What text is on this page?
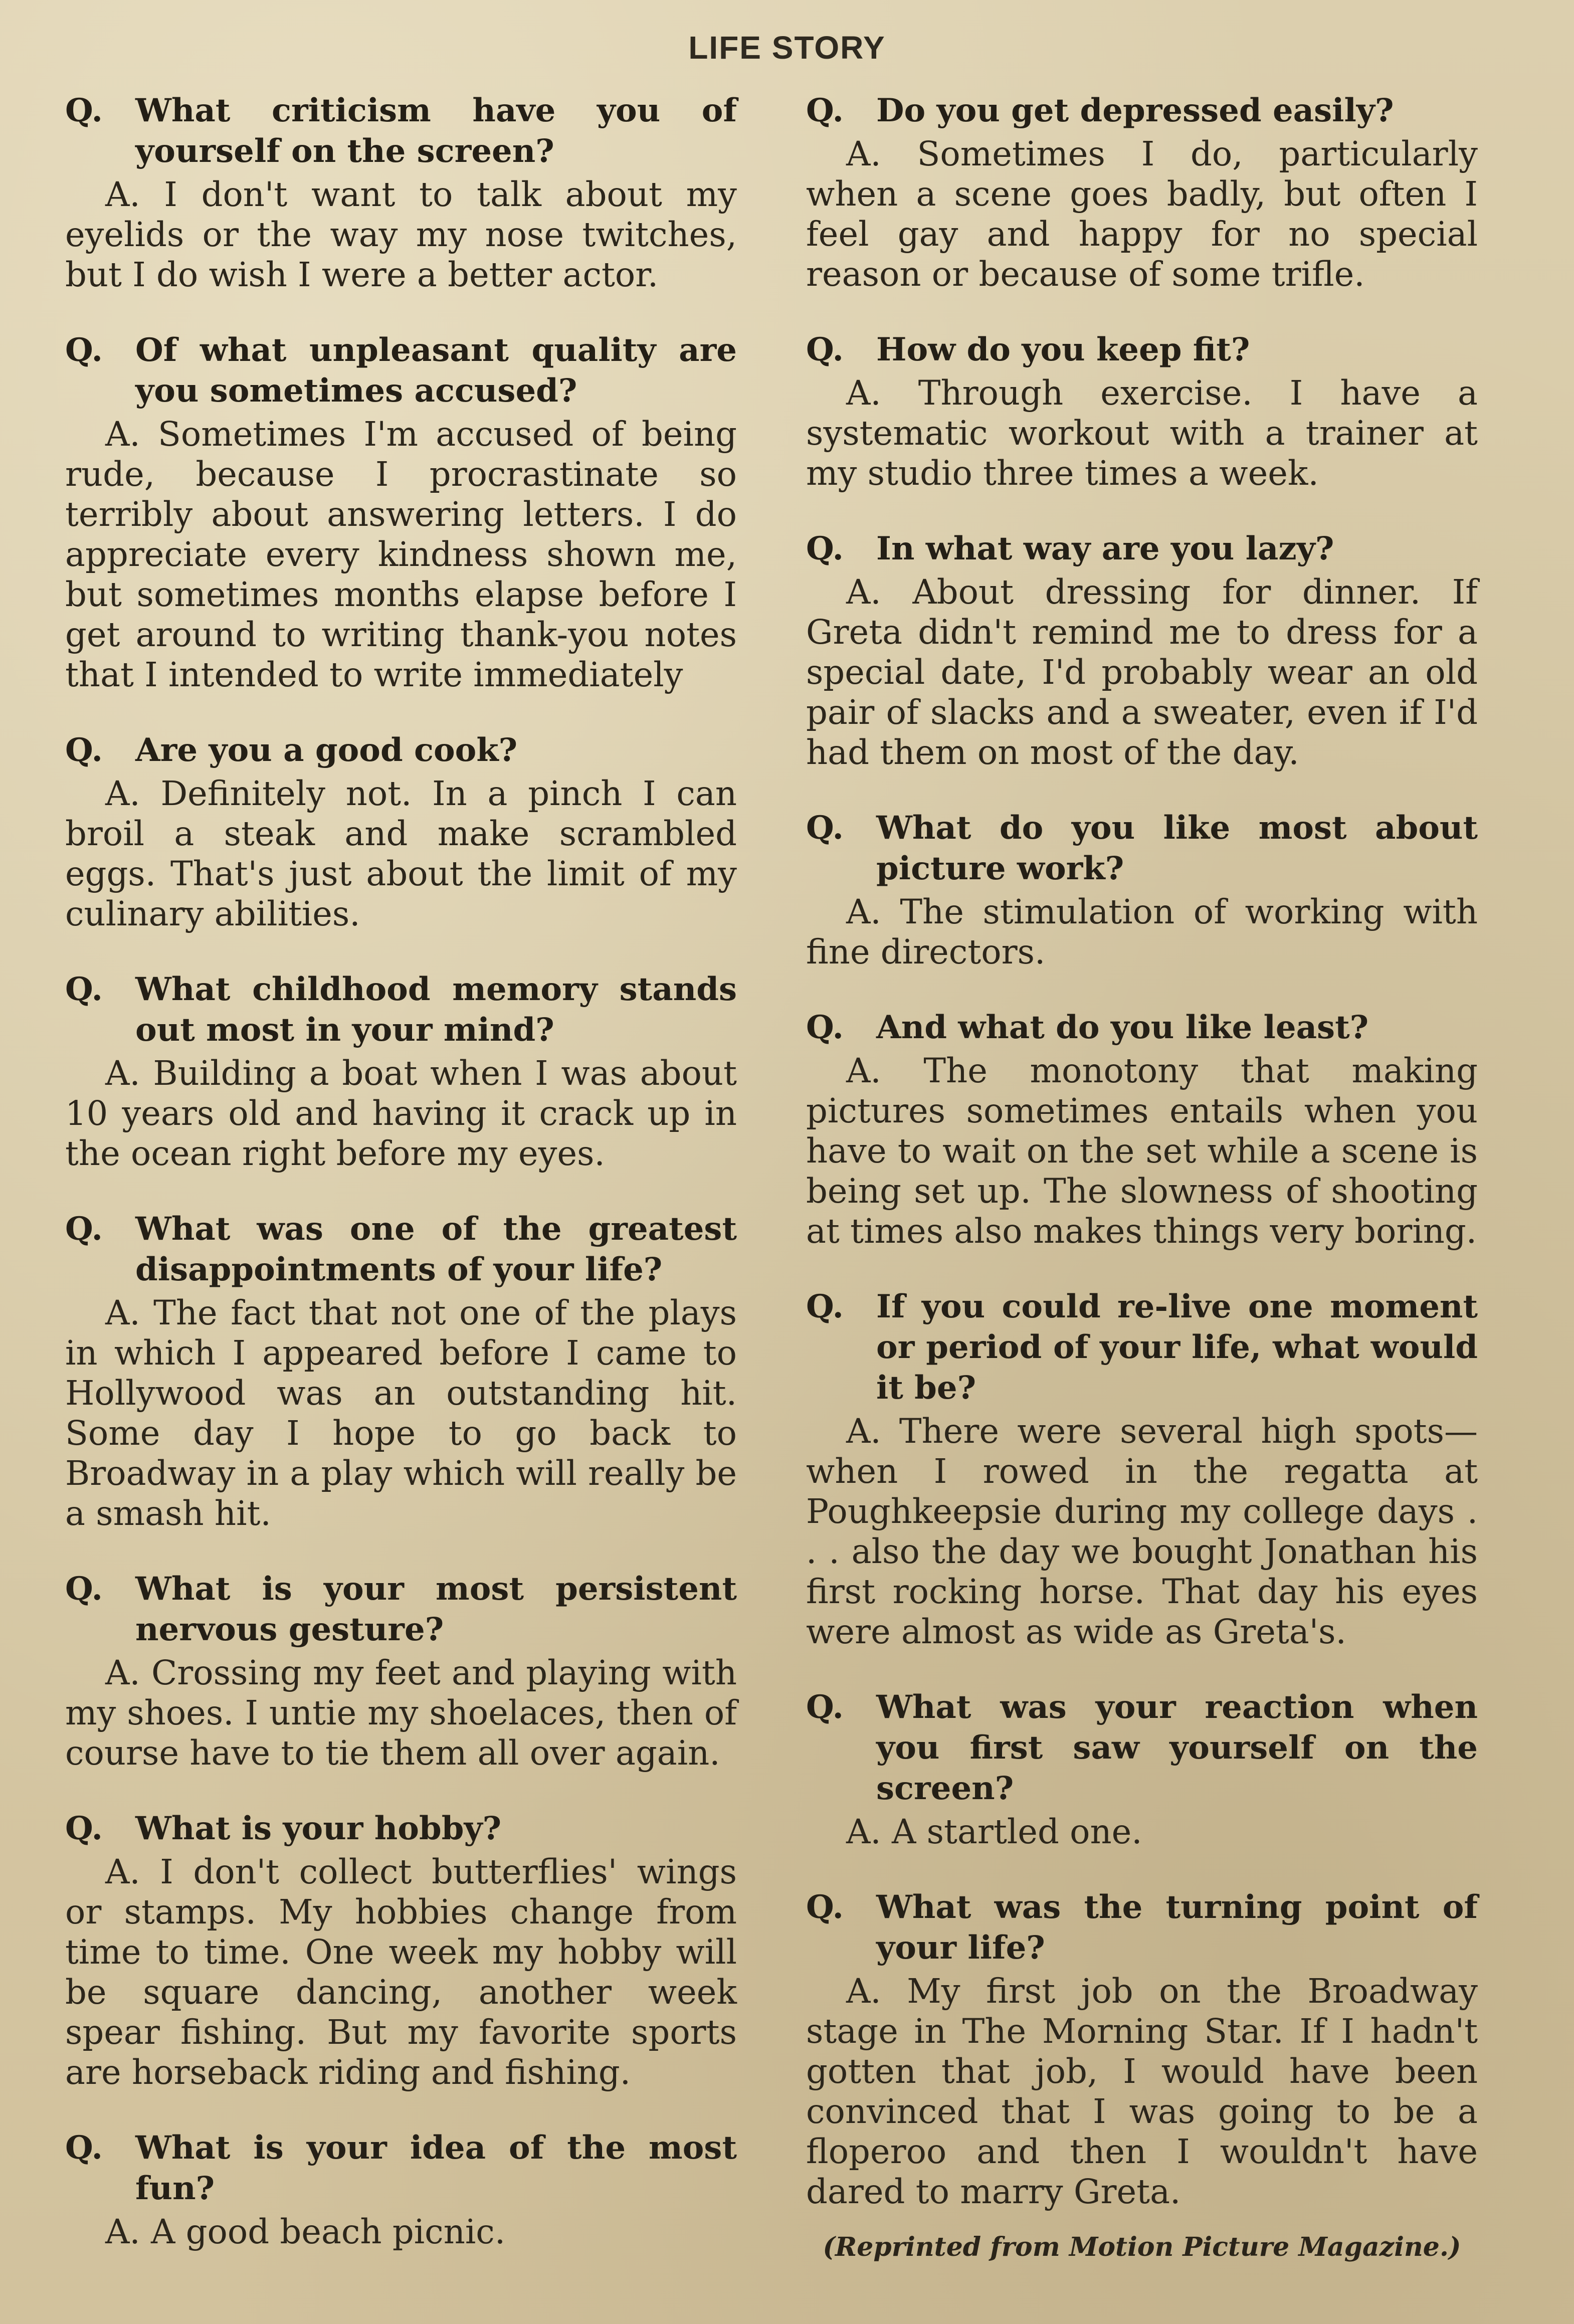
LIFE STORY
Q. What criticism have you of yourself on the screen?
A. I don't want to talk about my eyelids or the way my nose twitches, but I do wish I were a better actor.
Q. Of what unpleasant quality are you sometimes accused?
A. Sometimes I'm accused of being rude, because I procrastinate so terribly about answering letters. I do appreciate every kindness shown me, but sometimes months elapse before I get around to writing thank-you notes that I intended to write immediately
Q. Are you a good cook?
A. Definitely not. In a pinch I can broil a steak and make scrambled eggs. That's just about the limit of my culinary abilities.
Q. What childhood memory stands out most in your mind?
A. Building a boat when I was about 10 years old and having it crack up in the ocean right before my eyes.
Q. What was one of the greatest disappointments of your life?
A. The fact that not one of the plays in which I appeared before I came to Hollywood was an outstanding hit. Some day I hope to go back to Broadway in a play which will really be a smash hit.
Q. What is your most persistent nervous gesture?
A. Crossing my feet and playing with my shoes. I untie my shoelaces, then of course have to tie them all over again.
Q. What is your hobby?
A. I don't collect butterflies' wings or stamps. My hobbies change from time to time. One week my hobby will be square dancing, another week spear fishing. But my favorite sports are horseback riding and fishing.
Q. What is your idea of the most fun?
A. A good beach picnic.
Q. Do you get depressed easily?
A. Sometimes I do, particularly when a scene goes badly, but often I feel gay and happy for no special reason or because of some trifle.
Q. How do you keep fit?
A. Through exercise. I have a systematic workout with a trainer at my studio three times a week.
Q. In what way are you lazy?
A. About dressing for dinner. If Greta didn't remind me to dress for a special date, I'd probably wear an old pair of slacks and a sweater, even if I'd had them on most of the day.
Q. What do you like most about picture work?
A. The stimulation of working with fine directors.
Q. And what do you like least?
A. The monotony that making pictures sometimes entails when you have to wait on the set while a scene is being set up. The slowness of shooting at times also makes things very boring.
Q. If you could re-live one moment or period of your life, what would it be?
A. There were several high spots—when I rowed in the regatta at Poughkeepsie during my college days . . . also the day we bought Jonathan his first rocking horse. That day his eyes were almost as wide as Greta's.
Q. What was your reaction when you first saw yourself on the screen?
A. A startled one.
Q. What was the turning point of your life?
A. My first job on the Broadway stage in The Morning Star. If I hadn't gotten that job, I would have been convinced that I was going to be a floperoo and then I wouldn't have dared to marry Greta.
(Reprinted from Motion Picture Magazine.)
